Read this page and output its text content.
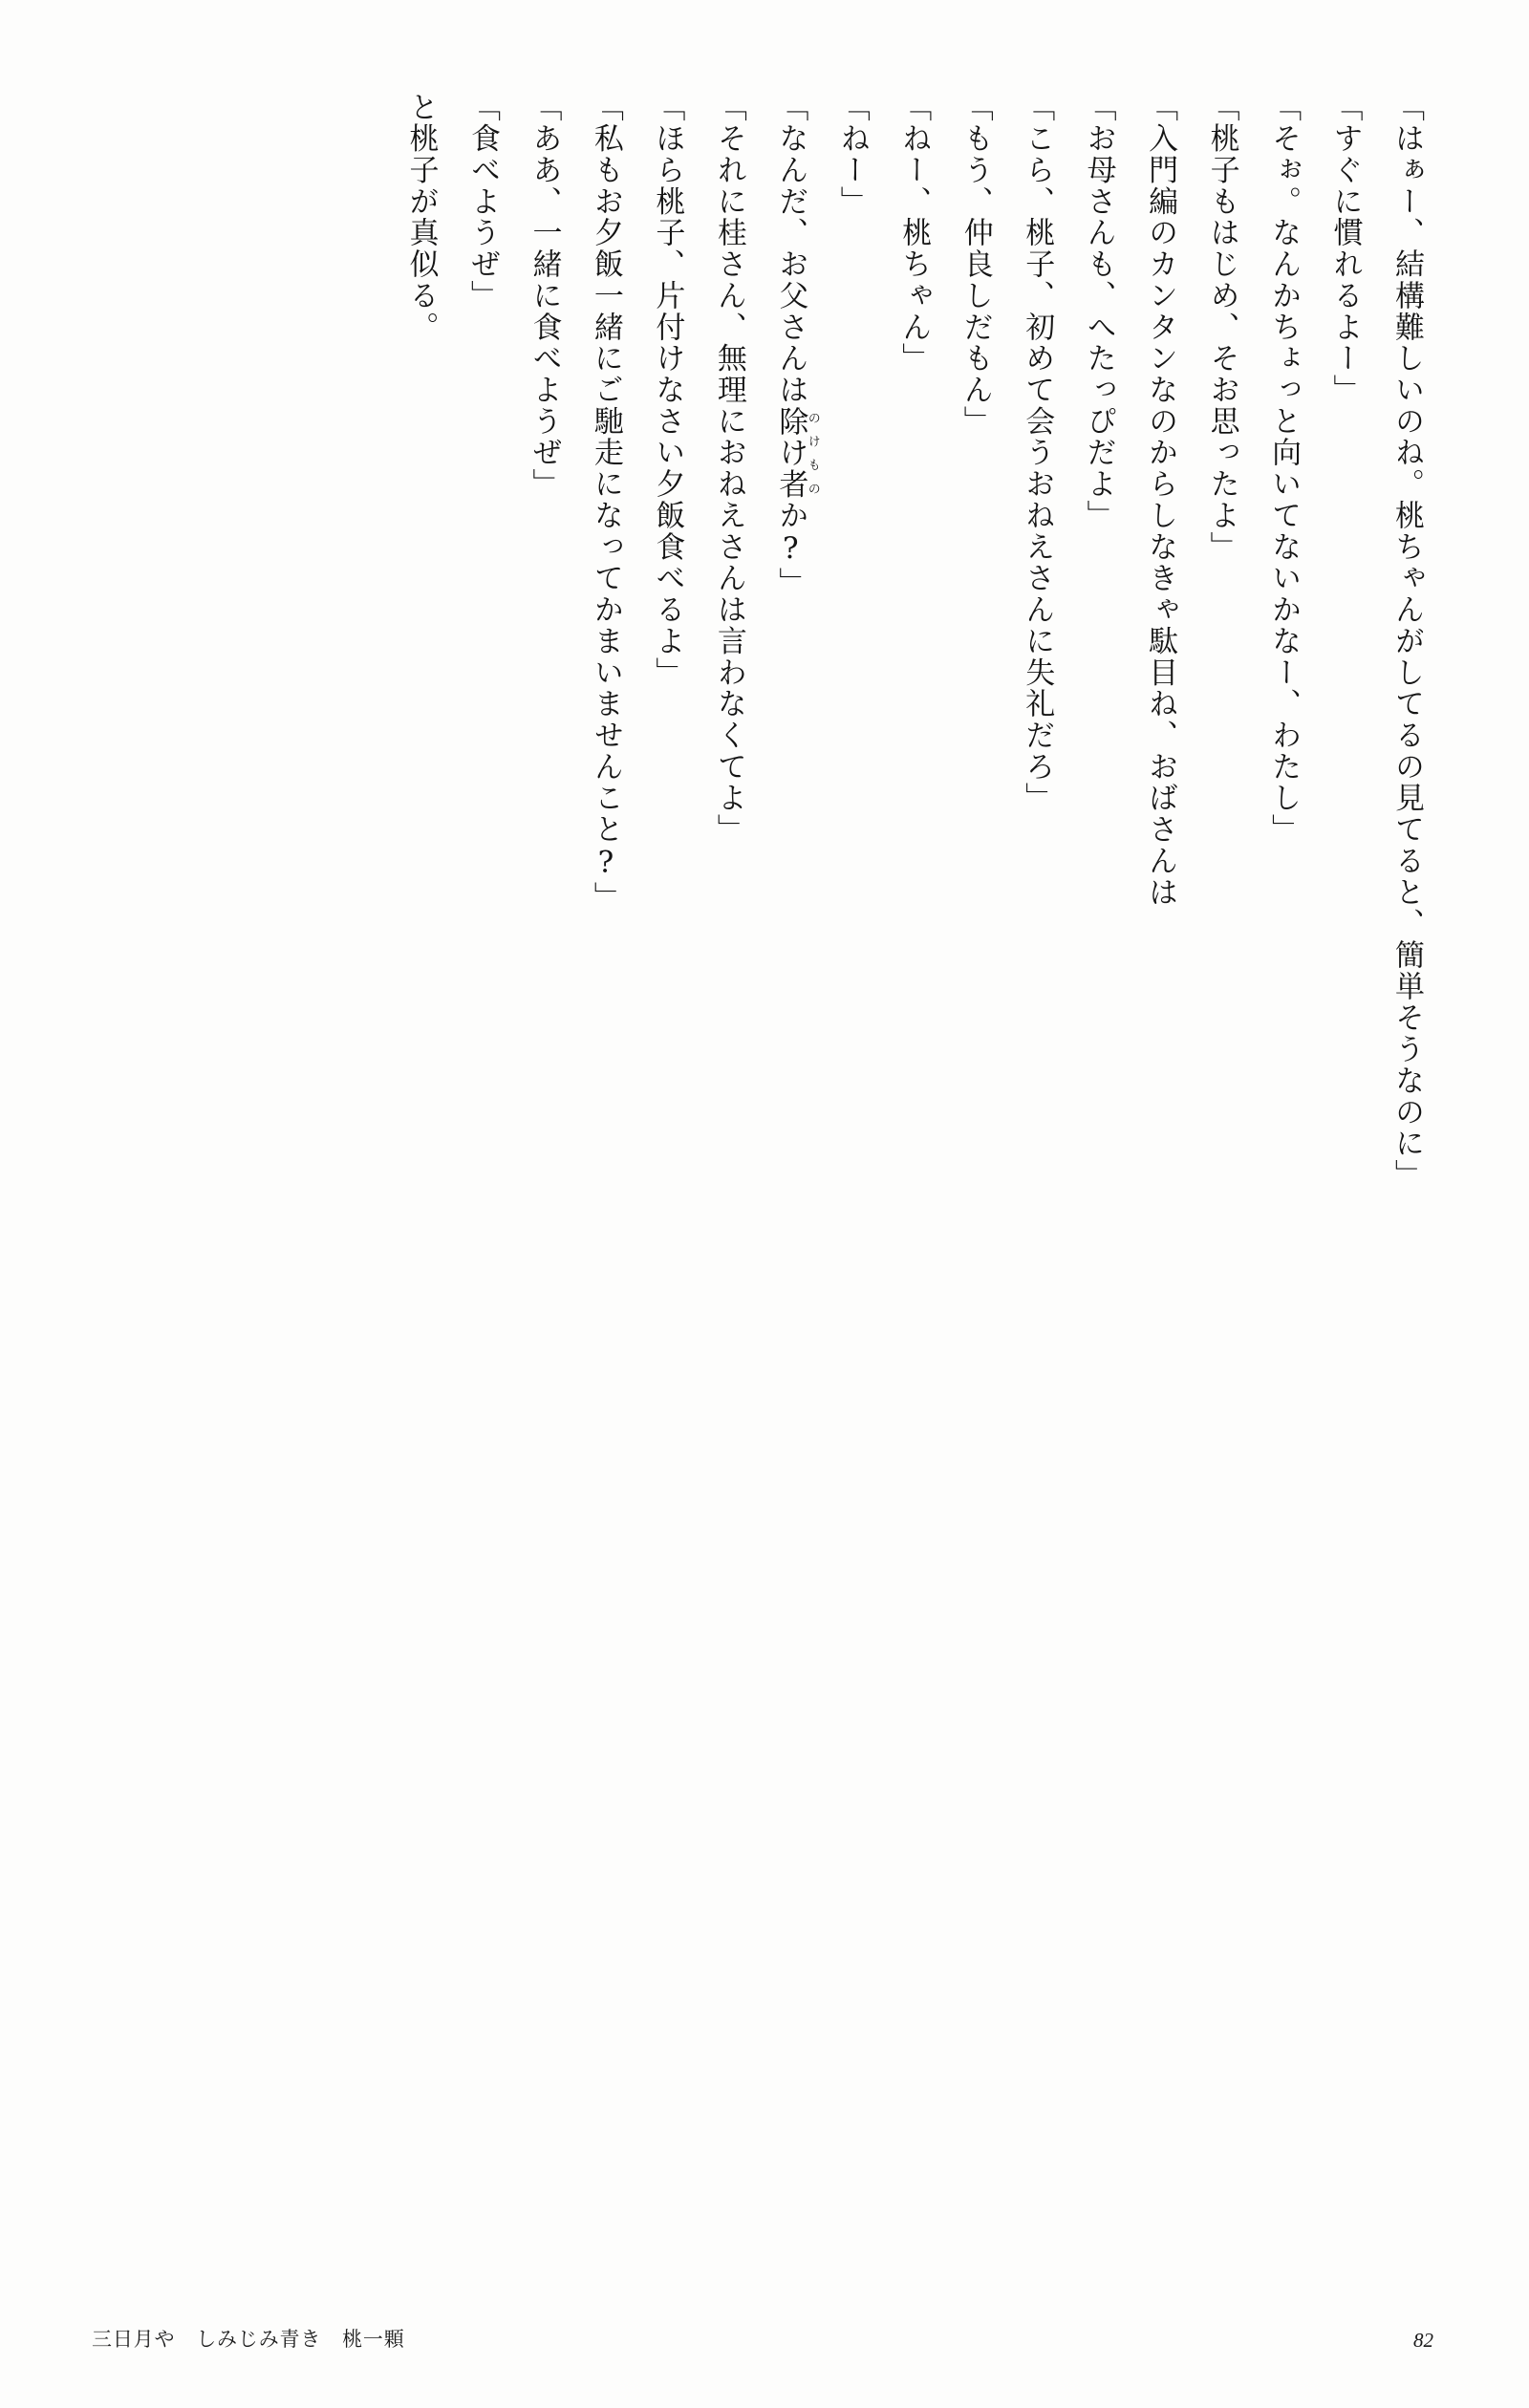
「はぁー、結構難しいのね。桃ちゃんがしてるの見てると、簡単そうなのに」
「すぐに慣れるよー」
「そぉ。なんかちょっと向いてないかなー、わたし」
「桃子もはじめ、そお思ったよ」
「入門編のカンタンなのからしなきゃ駄目ね、おばさんは
「お母さんも、へたっぴだよ」
「こら、桃子、初めて会うおねえさんに失礼だろ」
「もう、仲良しだもん」
「ねー、桃ちゃん」
「ねー」
「なんだ、お父さんは除け者のけものか?」
「それに桂さん、無理におねえさんは言わなくてよ」
「ほら桃子、片付けなさい夕飯食べるよ」
「私もお夕飯一緒にご馳走になってかまいませんこと?」
「ああ、一緒に食べようぜ」
「食べようぜ」
と桃子が真似る。
三日月や　しみじみ青き　桃一顆	82
